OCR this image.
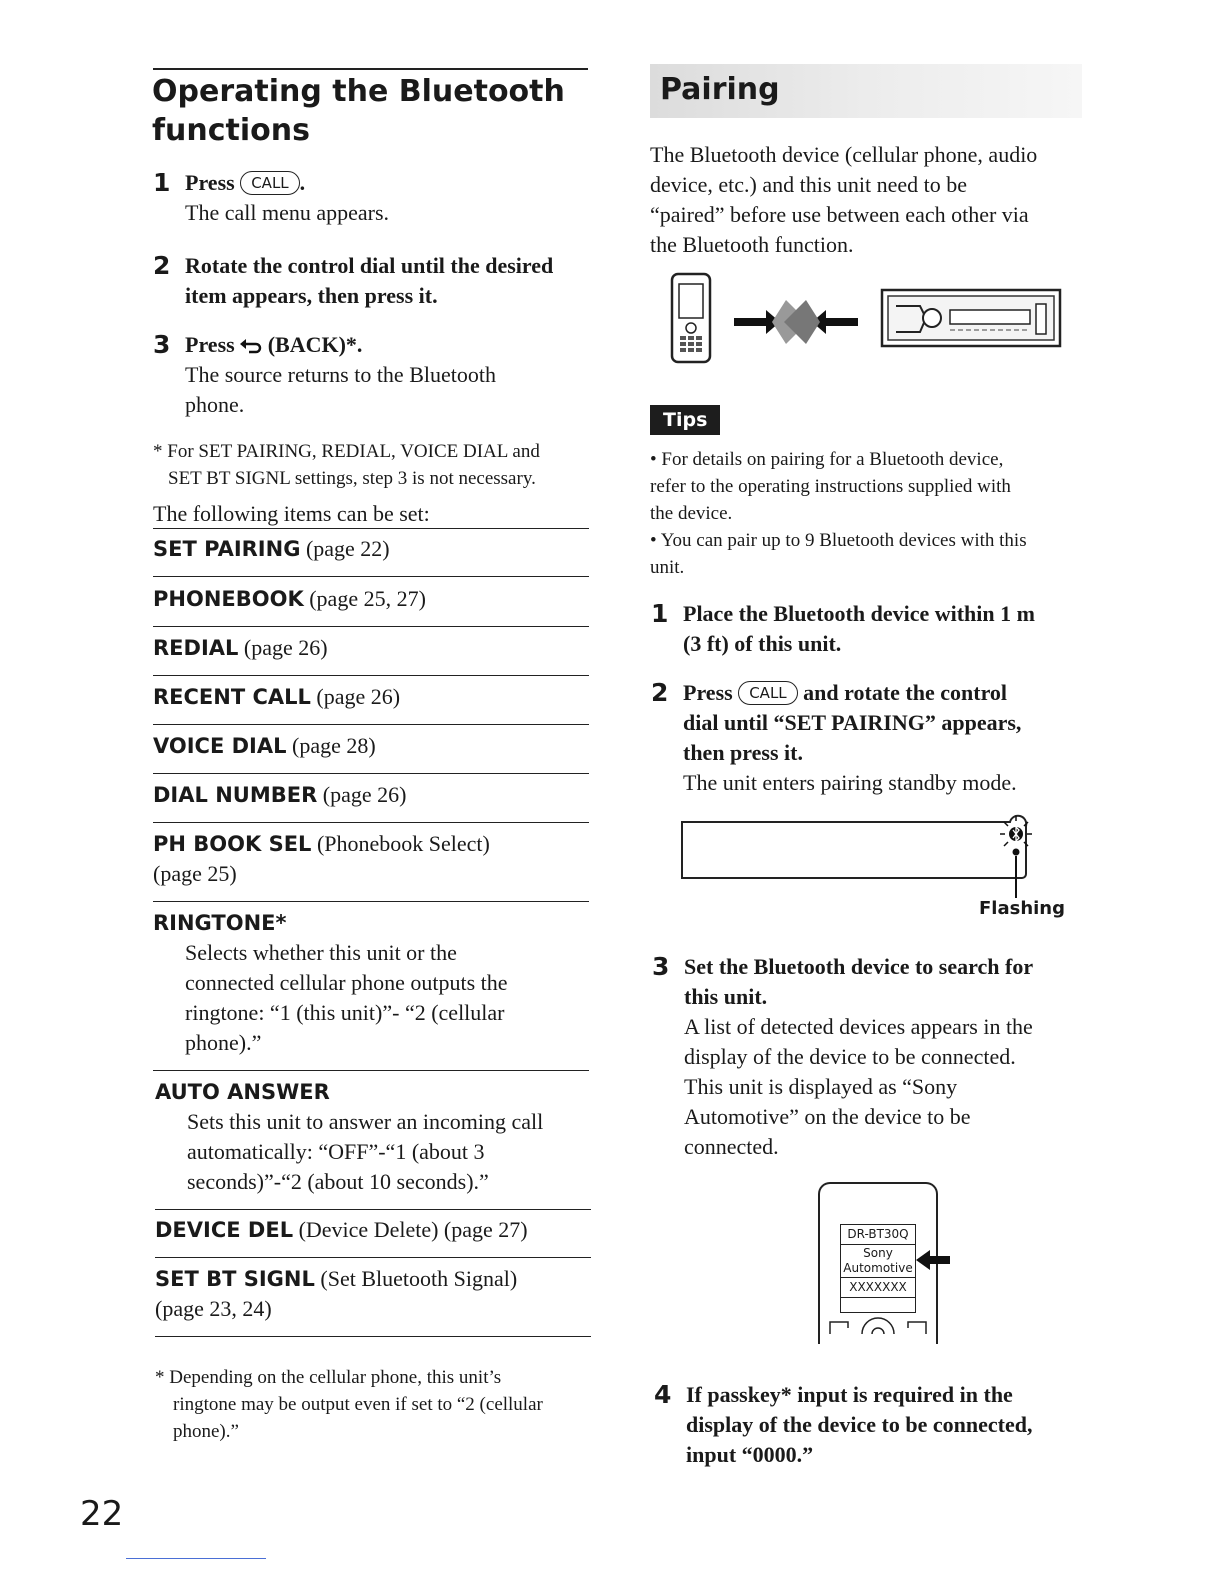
Operating the Bluetooth
functions
1 Press CALL .
The call menu appears.
2 Rotate the control dial until the desired
item appears, then press it.
3 Press (BACK)*.
The source returns to the Bluetooth
phone.
* For SET PAIRING, REDIAL, VOICE DIAL and
SET BT SIGNL settings, step 3 is not necessary.
The following items can be set:
SET PAIRING (page 22)
PHONEBOOK (page 25, 27)
REDIAL (page 26)
RECENT CALL (page 26)
VOICE DIAL (page 28)
DIAL NUMBER (page 26)
PH BOOK SEL (Phonebook Select)
(page 25)
RINGTONE*
Selects whether this unit or the
connected cellular phone outputs the
ringtone: “1 (this unit)”- “2 (cellular
phone).”
AUTO ANSWER
Sets this unit to answer an incoming call
automatically: “OFF”-“1 (about 3
seconds)”-“2 (about 10 seconds).”
DEVICE DEL (Device Delete) (page 27)
SET BT SIGNL (Set Bluetooth Signal)
(page 23, 24)
* Depending on the cellular phone, this unit’s
ringtone may be output even if set to “2 (cellular
phone).”
22
Pairing
The Bluetooth device (cellular phone, audio
device, etc.) and this unit need to be
“paired” before use between each other via
the Bluetooth function.
Tips
• For details on pairing for a Bluetooth device,
refer to the operating instructions supplied with
the device.
• You can pair up to 9 Bluetooth devices with this
unit.
1 Place the Bluetooth device within 1 m
(3 ft) of this unit.
2 Press CALL and rotate the control
dial until “SET PAIRING” appears,
then press it.
The unit enters pairing standby mode.
Flashing
3 Set the Bluetooth device to search for
this unit.
A list of detected devices appears in the
display of the device to be connected.
This unit is displayed as “Sony
Automotive” on the device to be
connected.
DR-BT30Q
Sony
Automotive
XXXXXXX
4 If passkey* input is required in the
display of the device to be connected,
input “0000.”
